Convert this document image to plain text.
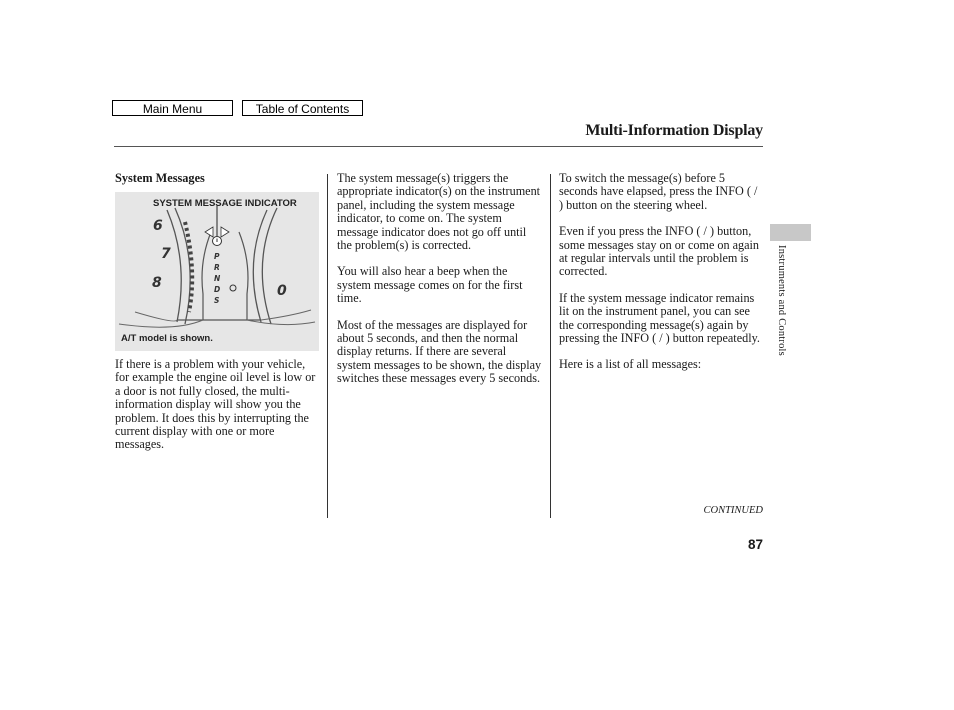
Main Menu	Table of Contents
Multi-Information Display
System Messages
6
7
8	0
P
R
N
D
S
SYSTEM MESSAGE INDICATOR
A/T model is shown.

If there is a problem with your vehicle, for example the engine oil level is low or a door is not fully closed, the multi-information display will show you the problem. It does this by interrupting the current display with one or more messages.

The system message(s) triggers the appropriate indicator(s) on the instrument panel, including the system message indicator, to come on. The system message indicator does not go off until the problem(s) is corrected.

You will also hear a beep when the system message comes on for the first time.

Most of the messages are displayed for about 5 seconds, and then the normal display returns. If there are several system messages to be shown, the display switches these messages every 5 seconds.

To switch the message(s) before 5 seconds have elapsed, press the INFO ( / ) button on the steering wheel.

Even if you press the INFO ( / ) button, some messages stay on or come on again at regular intervals until the problem is corrected.

If the system message indicator remains lit on the instrument panel, you can see the corresponding message(s) again by pressing the INFO ( / ) button repeatedly.

Here is a list of all messages:

Instruments and Controls
CONTINUED
87
